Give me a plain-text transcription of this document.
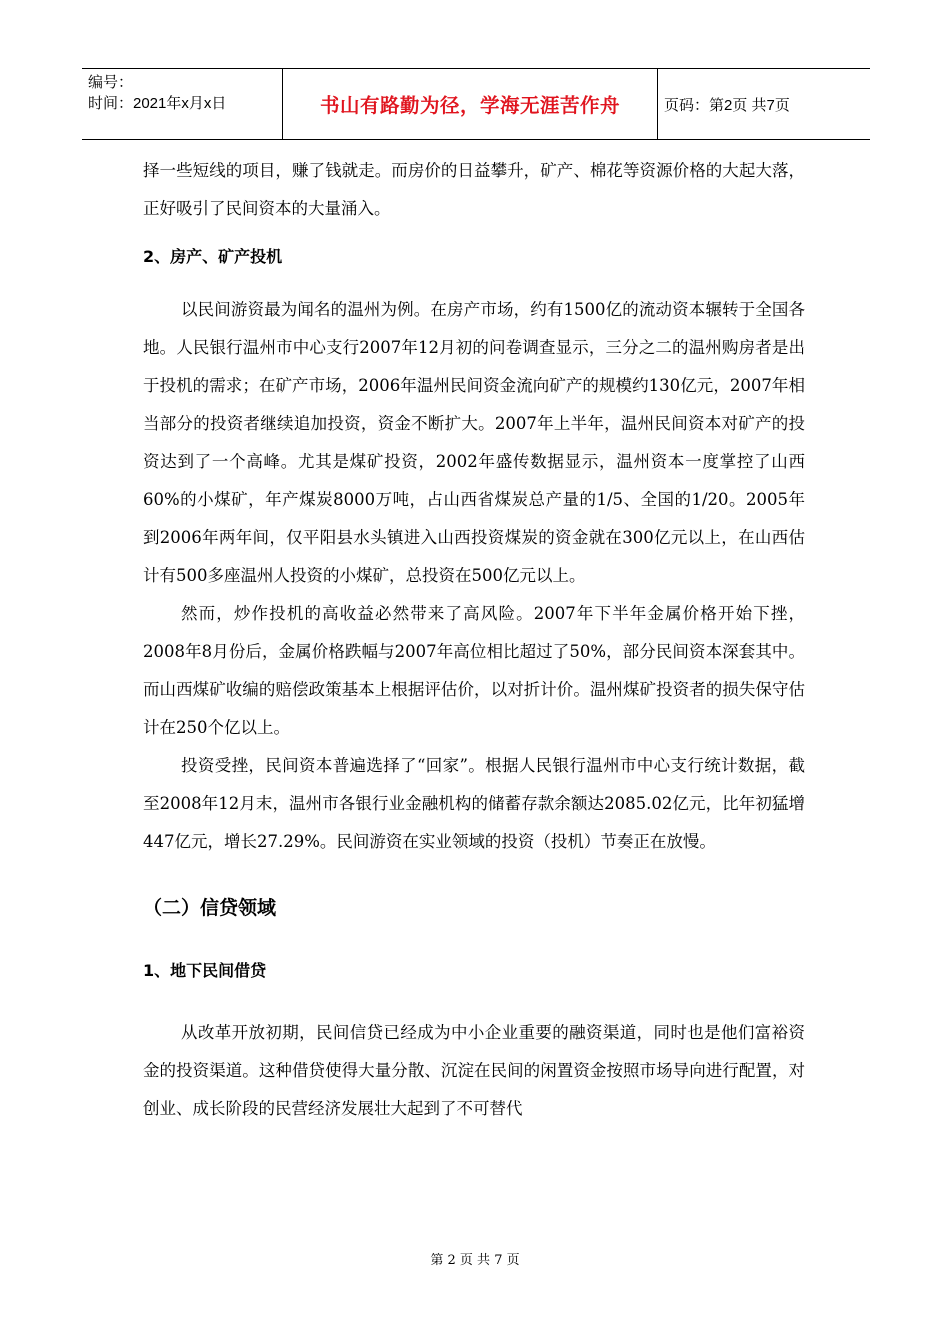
编号：
时间：2021年x月x日	书山有路勤为径，学海无涯苦作舟	页码：第2页 共7页

择一些短线的项目，赚了钱就走。而房价的日益攀升，矿产、棉花等资源价格的大起大落，正好吸引了民间资本的大量涌入。

2、房产、矿产投机

以民间游资最为闻名的温州为例。在房产市场，约有1500亿的流动资本辗转于全国各地。人民银行温州市中心支行2007年12月初的问卷调查显示，三分之二的温州购房者是出于投机的需求；在矿产市场，2006年温州民间资金流向矿产的规模约130亿元，2007年相当部分的投资者继续追加投资，资金不断扩大。2007年上半年，温州民间资本对矿产的投资达到了一个高峰。尤其是煤矿投资，2002年盛传数据显示，温州资本一度掌控了山西60%的小煤矿，年产煤炭8000万吨，占山西省煤炭总产量的1/5、全国的1/20。2005年到2006年两年间，仅平阳县水头镇进入山西投资煤炭的资金就在300亿元以上，在山西估计有500多座温州人投资的小煤矿，总投资在500亿元以上。

然而，炒作投机的高收益必然带来了高风险。2007年下半年金属价格开始下挫，2008年8月份后，金属价格跌幅与2007年高位相比超过了50%，部分民间资本深套其中。而山西煤矿收编的赔偿政策基本上根据评估价，以对折计价。温州煤矿投资者的损失保守估计在250个亿以上。

投资受挫，民间资本普遍选择了“回家”。根据人民银行温州市中心支行统计数据，截至2008年12月末，温州市各银行业金融机构的储蓄存款余额达2085.02亿元，比年初猛增447亿元，增长27.29%。民间游资在实业领域的投资（投机）节奏正在放慢。

（二）信贷领域

1、地下民间借贷

从改革开放初期，民间信贷已经成为中小企业重要的融资渠道，同时也是他们富裕资金的投资渠道。这种借贷使得大量分散、沉淀在民间的闲置资金按照市场导向进行配置，对创业、成长阶段的民营经济发展壮大起到了不可替代

第 2 页 共 7 页
